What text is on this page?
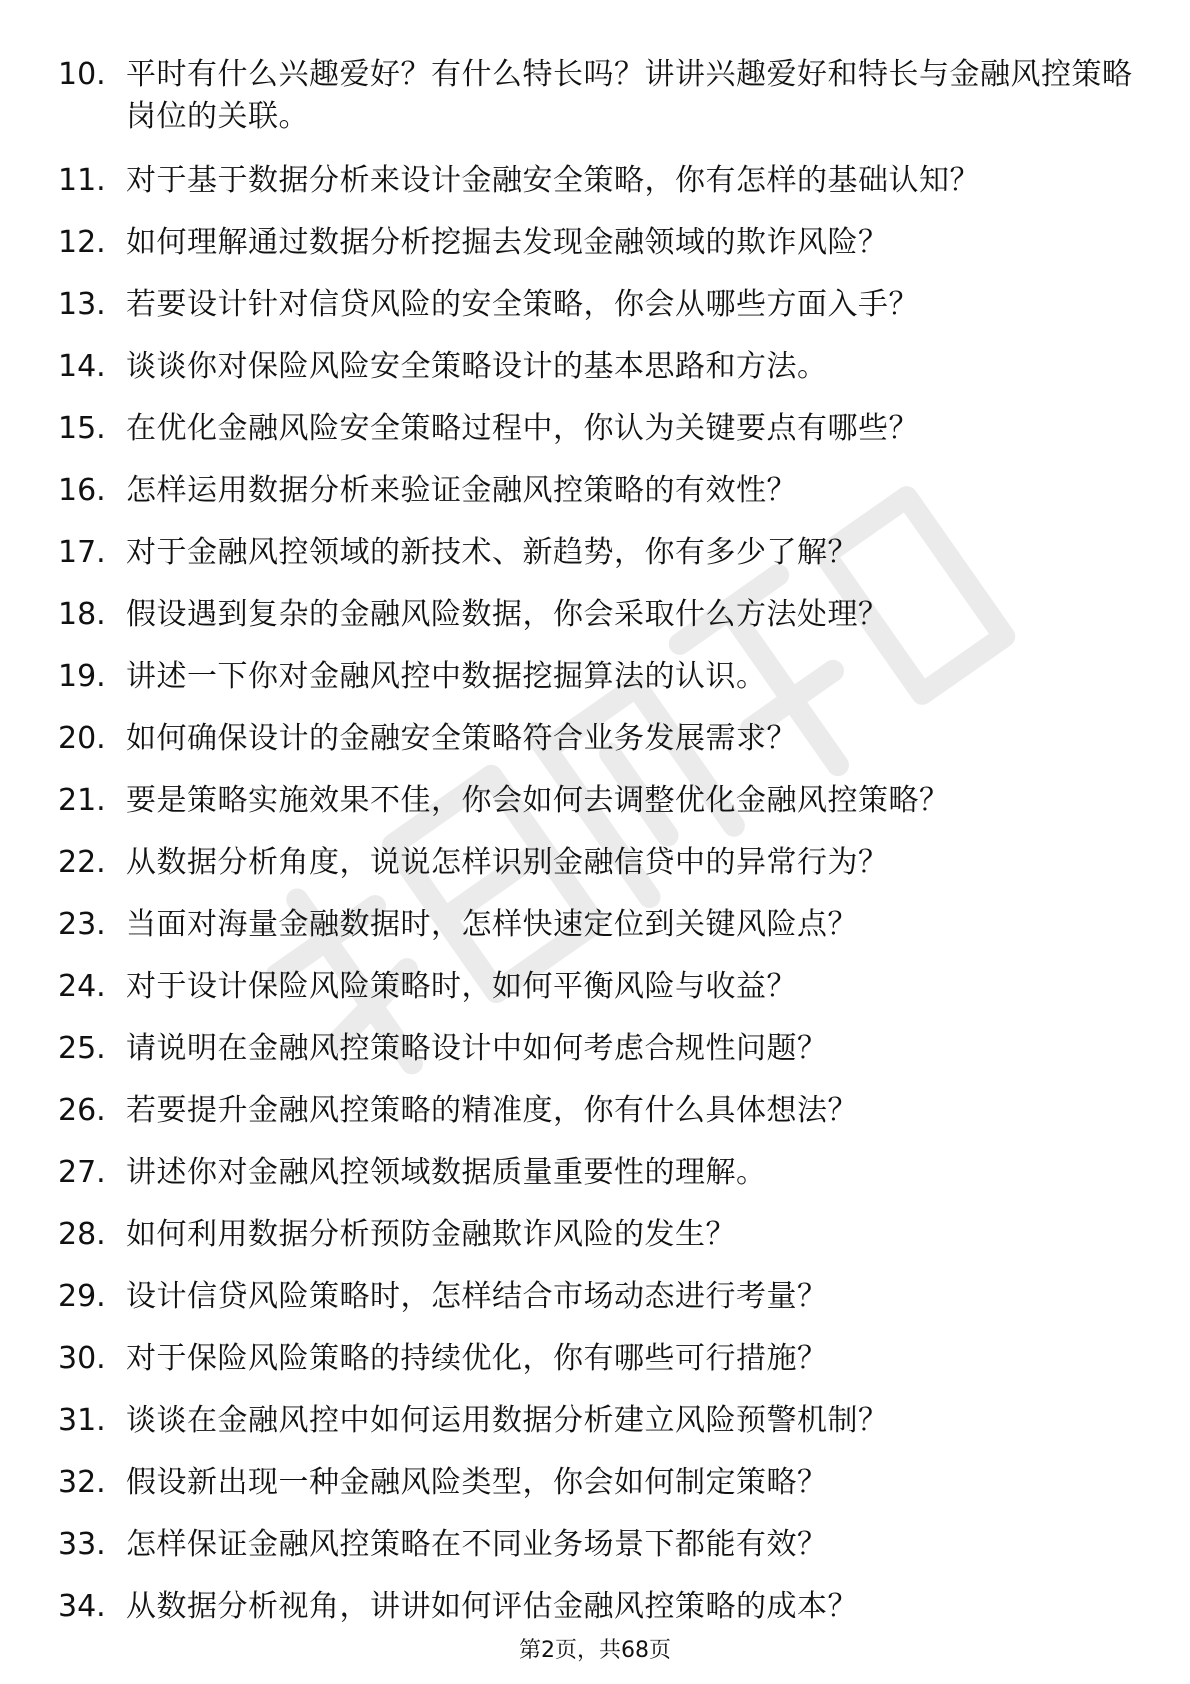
10. 平时有什么兴趣爱好？有什么特长吗？讲讲兴趣爱好和特长与金融风控策略岗位的关联。
11. 对于基于数据分析来设计金融安全策略，你有怎样的基础认知？
12. 如何理解通过数据分析挖掘去发现金融领域的欺诈风险？
13. 若要设计针对信贷风险的安全策略，你会从哪些方面入手？
14. 谈谈你对保险风险安全策略设计的基本思路和方法。
15. 在优化金融风险安全策略过程中，你认为关键要点有哪些？
16. 怎样运用数据分析来验证金融风控策略的有效性？
17. 对于金融风控领域的新技术、新趋势，你有多少了解？
18. 假设遇到复杂的金融风险数据，你会采取什么方法处理？
19. 讲述一下你对金融风控中数据挖掘算法的认识。
20. 如何确保设计的金融安全策略符合业务发展需求？
21. 要是策略实施效果不佳，你会如何去调整优化金融风控策略？
22. 从数据分析角度，说说怎样识别金融信贷中的异常行为？
23. 当面对海量金融数据时，怎样快速定位到关键风险点？
24. 对于设计保险风险策略时，如何平衡风险与收益？
25. 请说明在金融风控策略设计中如何考虑合规性问题？
26. 若要提升金融风控策略的精准度，你有什么具体想法？
27. 讲述你对金融风控领域数据质量重要性的理解。
28. 如何利用数据分析预防金融欺诈风险的发生？
29. 设计信贷风险策略时，怎样结合市场动态进行考量？
30. 对于保险风险策略的持续优化，你有哪些可行措施？
31. 谈谈在金融风控中如何运用数据分析建立风险预警机制？
32. 假设新出现一种金融风险类型，你会如何制定策略？
33. 怎样保证金融风控策略在不同业务场景下都能有效？
34. 从数据分析视角，讲讲如何评估金融风控策略的成本？
第2页，共68页
